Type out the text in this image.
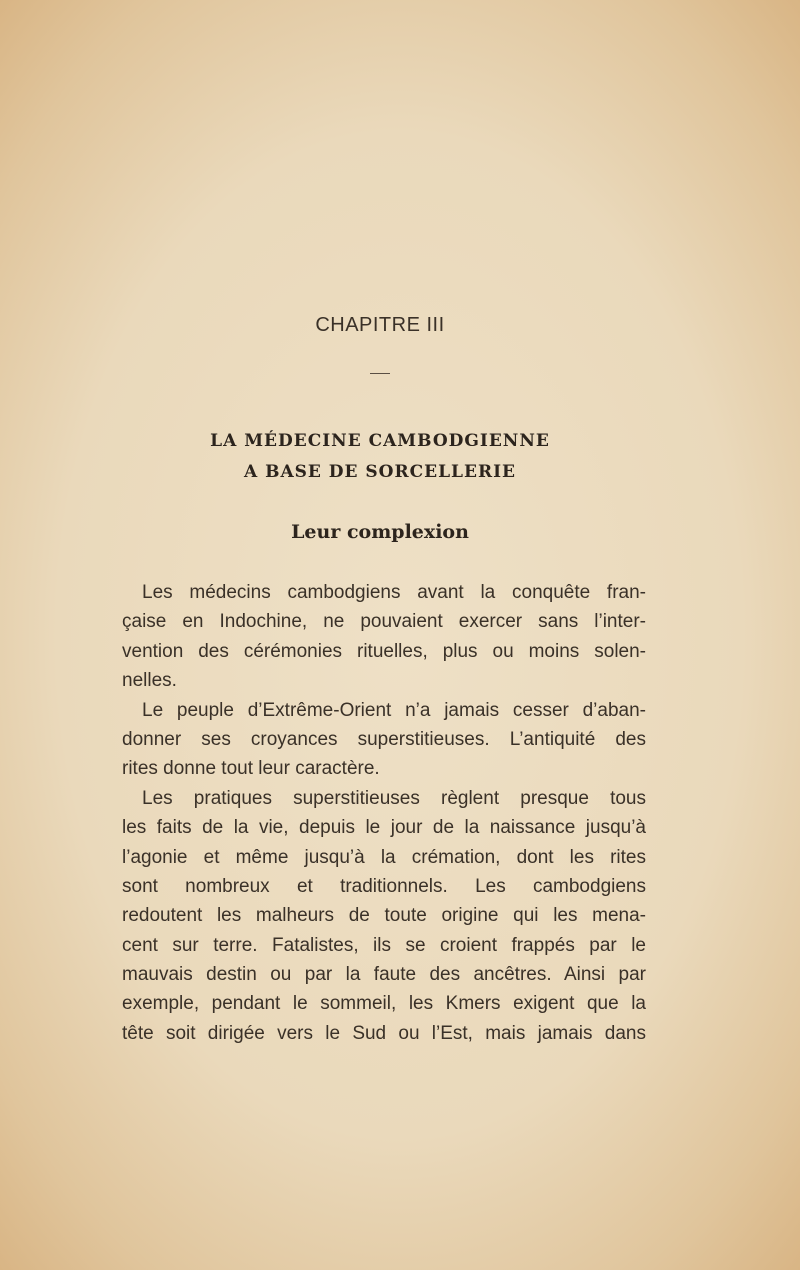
CHAPITRE III
LA MÉDECINE CAMBODGIENNE
A BASE DE SORCELLERIE
Leur complexion
Les médecins cambodgiens avant la conquête fran-
çaise en Indochine, ne pouvaient exercer sans l’inter-
vention des cérémonies rituelles, plus ou moins solen-
nelles.
Le peuple d’Extrême-Orient n’a jamais cesser d’aban-
donner ses croyances superstitieuses. L’antiquité des
rites donne tout leur caractère.
Les pratiques superstitieuses règlent presque tous
les faits de la vie, depuis le jour de la naissance jusqu’à
l’agonie et même jusqu’à la crémation, dont les rites
sont nombreux et traditionnels. Les cambodgiens
redoutent les malheurs de toute origine qui les mena-
cent sur terre. Fatalistes, ils se croient frappés par le
mauvais destin ou par la faute des ancêtres. Ainsi par
exemple, pendant le sommeil, les Kmers exigent que la
tête soit dirigée vers le Sud ou l’Est, mais jamais dans
